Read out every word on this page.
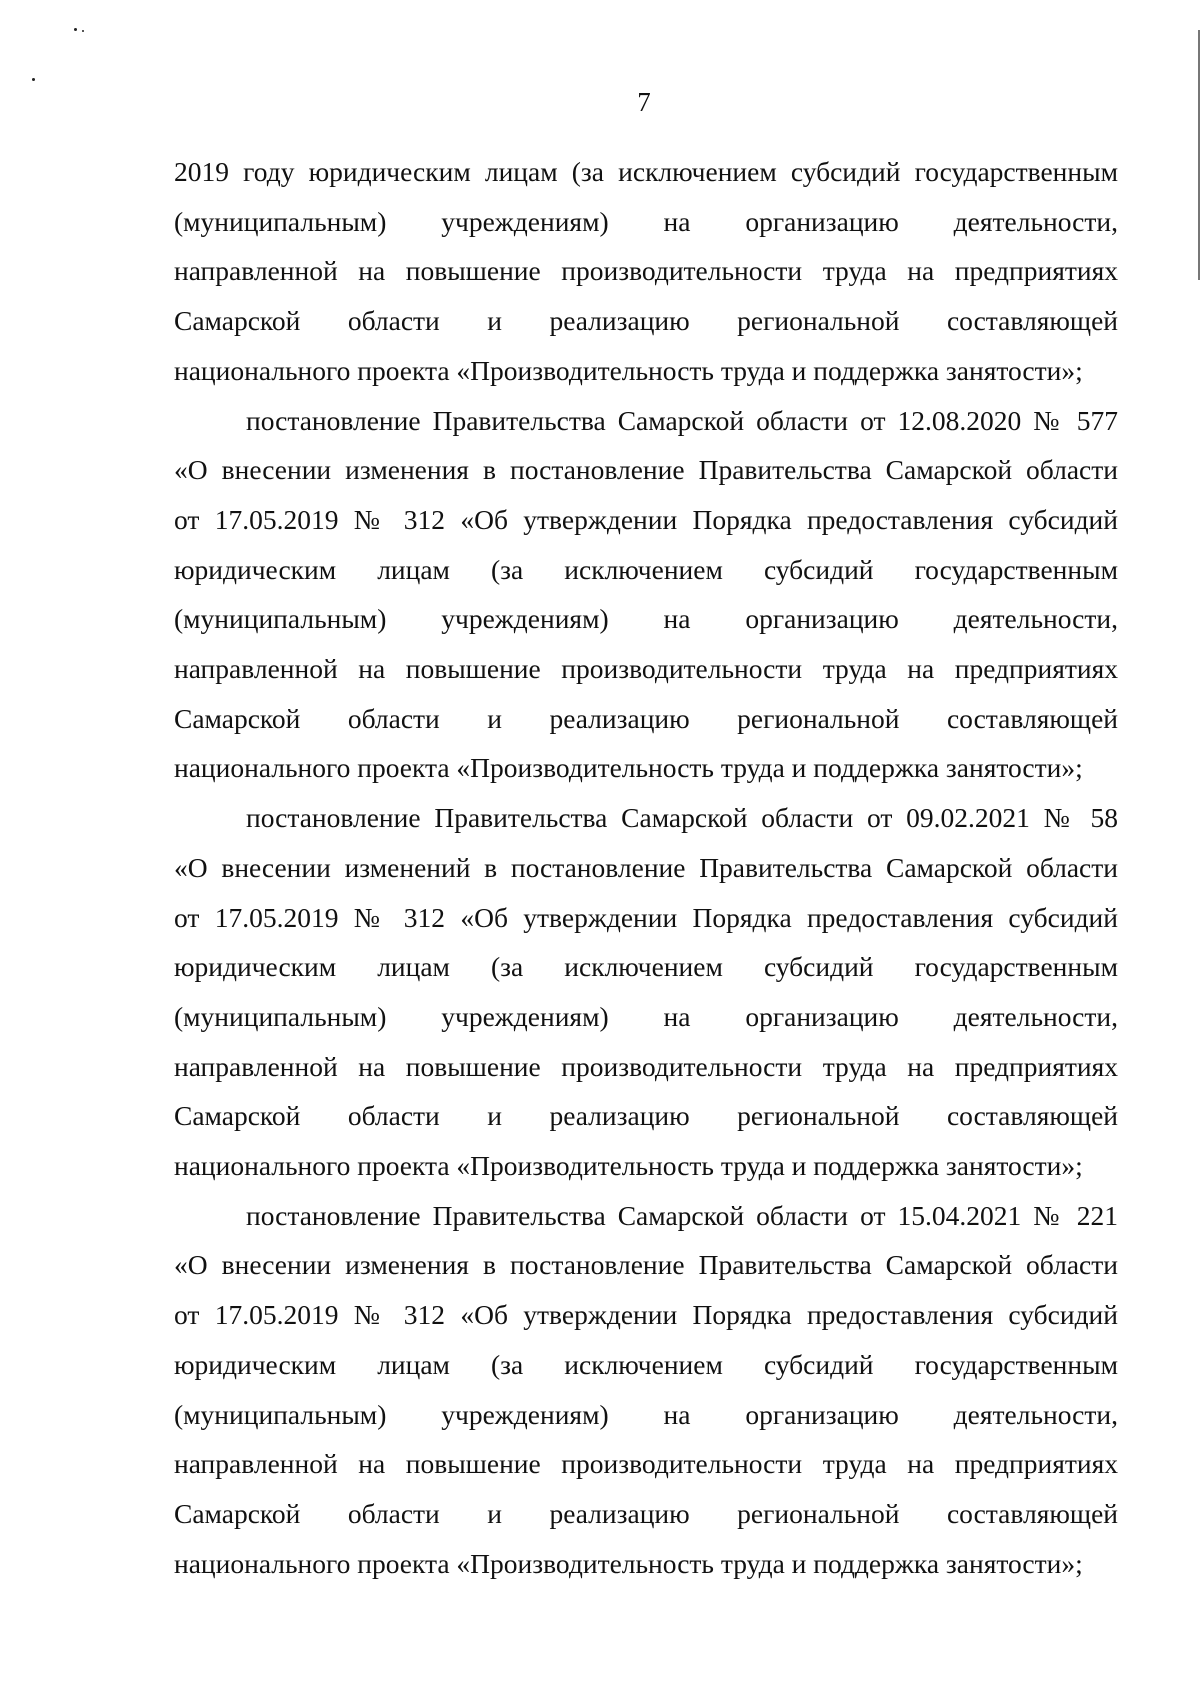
7

2019 году юридическим лицам (за исключением субсидий государственным
(муниципальным) учреждениям) на организацию деятельности,
направленной на повышение производительности труда на предприятиях
Самарской области и реализацию региональной составляющей
национального проекта «Производительность труда и поддержка занятости»;

постановление Правительства Самарской области от 12.08.2020 № 577
«О внесении изменения в постановление Правительства Самарской области
от 17.05.2019 № 312 «Об утверждении Порядка предоставления субсидий
юридическим лицам (за исключением субсидий государственным
(муниципальным) учреждениям) на организацию деятельности,
направленной на повышение производительности труда на предприятиях
Самарской области и реализацию региональной составляющей
национального проекта «Производительность труда и поддержка занятости»;

постановление Правительства Самарской области от 09.02.2021 № 58
«О внесении изменений в постановление Правительства Самарской области
от 17.05.2019 № 312 «Об утверждении Порядка предоставления субсидий
юридическим лицам (за исключением субсидий государственным
(муниципальным) учреждениям) на организацию деятельности,
направленной на повышение производительности труда на предприятиях
Самарской области и реализацию региональной составляющей
национального проекта «Производительность труда и поддержка занятости»;

постановление Правительства Самарской области от 15.04.2021 № 221
«О внесении изменения в постановление Правительства Самарской области
от 17.05.2019 № 312 «Об утверждении Порядка предоставления субсидий
юридическим лицам (за исключением субсидий государственным
(муниципальным) учреждениям) на организацию деятельности,
направленной на повышение производительности труда на предприятиях
Самарской области и реализацию региональной составляющей
национального проекта «Производительность труда и поддержка занятости»;
